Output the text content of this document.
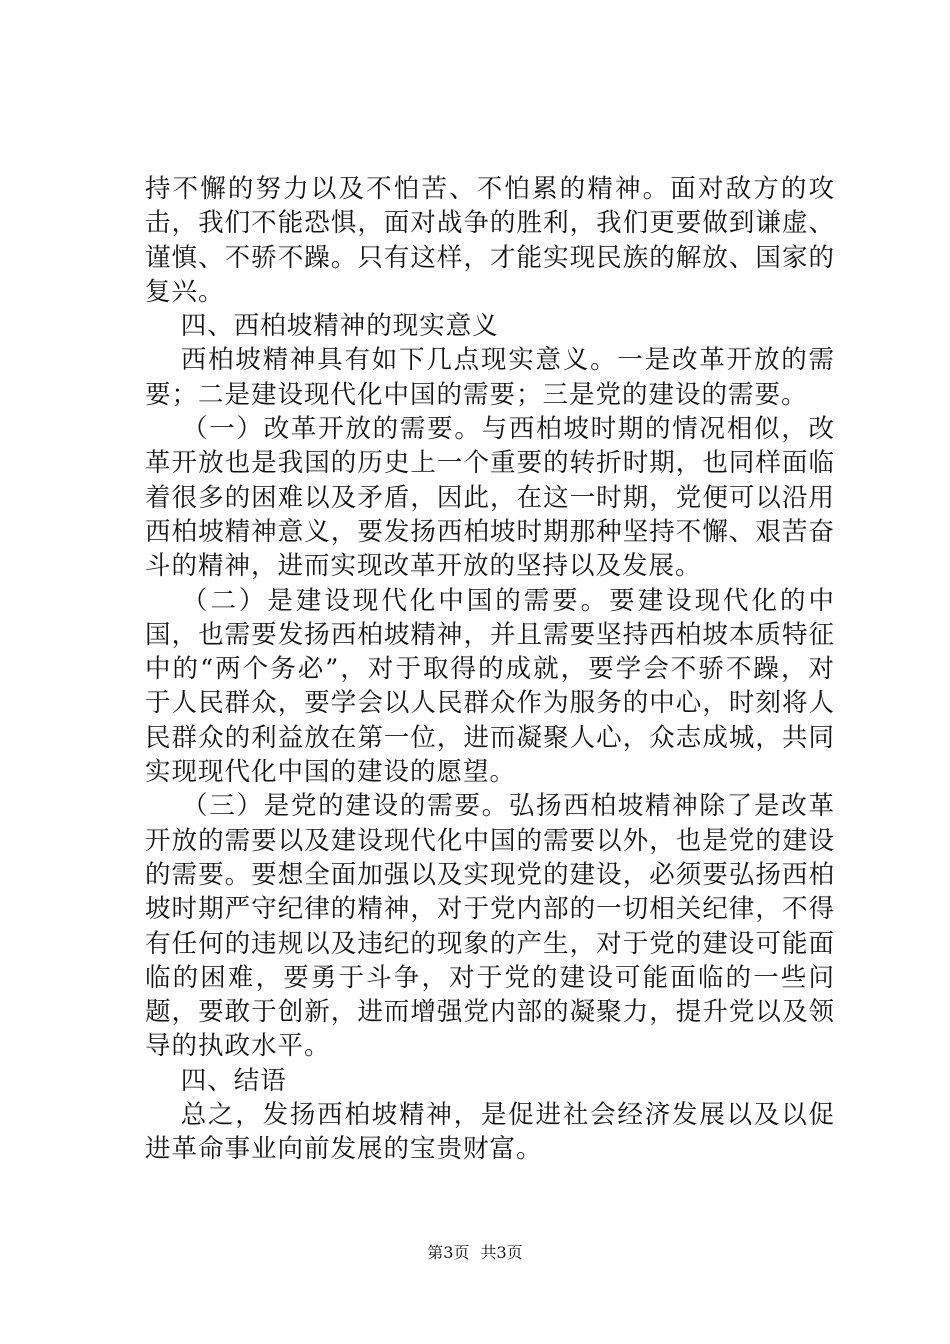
持不懈的努力以及不怕苦、不怕累的精神。面对敌方的攻击，我们不能恐惧，面对战争的胜利，我们更要做到谦虚、谨慎、不骄不躁。只有这样，才能实现民族的解放、国家的复兴。

四、西柏坡精神的现实意义

西柏坡精神具有如下几点现实意义。一是改革开放的需要；二是建设现代化中国的需要；三是党的建设的需要。

（一）改革开放的需要。与西柏坡时期的情况相似，改革开放也是我国的历史上一个重要的转折时期，也同样面临着很多的困难以及矛盾，因此，在这一时期，党便可以沿用西柏坡精神意义，要发扬西柏坡时期那种坚持不懈、艰苦奋斗的精神，进而实现改革开放的坚持以及发展。

（二）是建设现代化中国的需要。要建设现代化的中国，也需要发扬西柏坡精神，并且需要坚持西柏坡本质特征中的“两个务必”，对于取得的成就，要学会不骄不躁，对于人民群众，要学会以人民群众作为服务的中心，时刻将人民群众的利益放在第一位，进而凝聚人心，众志成城，共同实现现代化中国的建设的愿望。

（三）是党的建设的需要。弘扬西柏坡精神除了是改革开放的需要以及建设现代化中国的需要以外，也是党的建设的需要。要想全面加强以及实现党的建设，必须要弘扬西柏坡时期严守纪律的精神，对于党内部的一切相关纪律，不得有任何的违规以及违纪的现象的产生，对于党的建设可能面临的困难，要勇于斗争，对于党的建设可能面临的一些问题，要敢于创新，进而增强党内部的凝聚力，提升党以及领导的执政水平。

四、结语

总之，发扬西柏坡精神，是促进社会经济发展以及以促进革命事业向前发展的宝贵财富。

第3页 共3页
